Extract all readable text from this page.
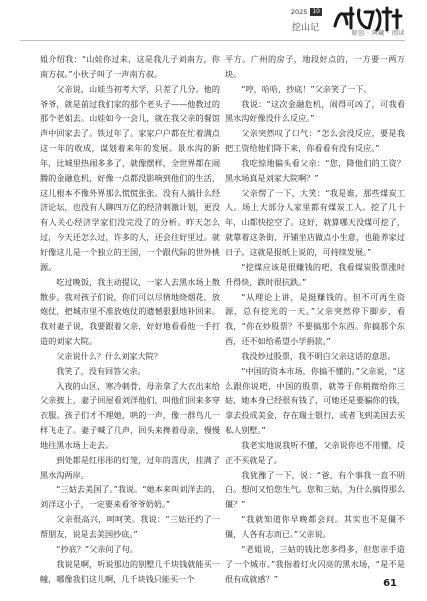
2025 10
挖山记
原创 · 典藏 · 阅读

姐介绍我：“山娃你过来，这是我儿子刘南方，你南方叔。”小伙子叫了一声南方叔。

父亲说，山娃当初考大学，只差了几分。他的爷爷，就是前过我们家的那个老头子——他教过的那个老姐去。山娃如今一会儿，就在我父亲的餐馆声中回家去了。铁过年了。家家户户都在忙着满点这一年的收成，谋划着来年的发展。景水沟的新年，比城里热闹多多了，就像摆样，全世界都在闹腾的金融危机，好像一点都没影响到他们的生活，这儿根本不像外界那么慌慌张张。没有人搞什么经济论坛，也没有人聊四万亿的经济刺激计划，更没有人关心经济学家们没完没了的分析。昨天怎么过，今天还怎么过，许多的人，还会往好里过。就好像这儿是一个独立的王国，一个跟代际的世外桃源。

吃过晚饭，我主动提议，一家人去黑水场上散散步。我对孩子们说，你们可以尽情地烧烟花，放炮仗，把城市里不准放炮仗的遗憾狠狠地补回来。我对妻子说，我要跟着父亲，好好地看看他一手打造的刘家大院。

父亲说什么？什么刘家大院？

我笑了，没有回答父亲。

入夜的山区，寒冷刺骨，母亲拿了大衣出来给父亲披上，妻子回屋看刘洋他们，叫他们回来多穿衣服。孩子们才不理她，哄的一声，像一群鸟儿一样飞走了。妻子喊了几声，回头来搀着母亲，慢慢地往黑水场上走去。

到处都是红彤彤的灯笼，过年的喜庆，挂满了黑水沟两岸。

“三姑去美国了。”我说。“她本来叫刘洋去的，刘洋这小子，一定要来看爷爷奶奶。”

父亲很高兴，呵呵笑。我说：“三姑还约了一帮朋友，说是去美国抄底。”

“抄底？”父亲问了句。

我说是啊，听说那边的别墅几千块钱就能买一幢，哪像我们这儿啊，几千块钱只能买一个

平方。广州的房子，地段好点的，一方要一两万块。

“哼，哈哈，抄底！”父亲笑了一下。

我说：“这次金融危机，闹得可凶了，可我看黑水沟好像没什么反应。”

父亲突然叹了口气：“怎么会没反应，要是我把工资给他们降下来，你看看有没有反应。”

我吃惊地偏头看父亲：“您，降他们的工资？黑水场真是刘家大院啊？”

父亲愣了一下，大笑：“我是谁，那些煤炭工人。场上大部分人家里都有煤炭工人。挖了几十年，山都快挖空了。这好，就算哪天没煤可挖了，就靠着这条街，开铺坐店做点小生意，也能养家过日子。这就是报纸上说的，可持续发展。”

“挖煤应该是很赚钱的吧，我看煤炭股票涨时升得快，跌时很抗跌。”

“从理论上讲，是挺赚钱的。但不可再生资源，总有挖光的一天。”父亲突然停下脚步，看我，“你在炒股票？不要搞那个东西。你搞那个东西，还不如给希望小学捐款。”

我没炒过股票，我不明白父亲这话的意思。

“中国的资本市场，你搞不懂的。”父亲说，“这么跟你说吧，中国的股票，就等于你稍微给你三姑，她本身已经很有钱了，可她还是要骗你的钱，拿去投成美金，存在瑞士银行，或者飞到美国去买私人别墅。”

我老实地说我听不懂，父亲说你也不用懂，反正不买就是了。

我犹豫了一下，说：“爸，有个事我一直不明白。想问又怕您生气。您和三姑，为什么搞得那么僵？”

“我就知道你早晚都会问。其实也不是僵不僵，人各有志而已。”父亲说。

“老姐说，三姑的钱比您多得多，但您亲手造了一个城市。”我指着灯火闪亮的黑水场，“是不是很有成就感？”	61
